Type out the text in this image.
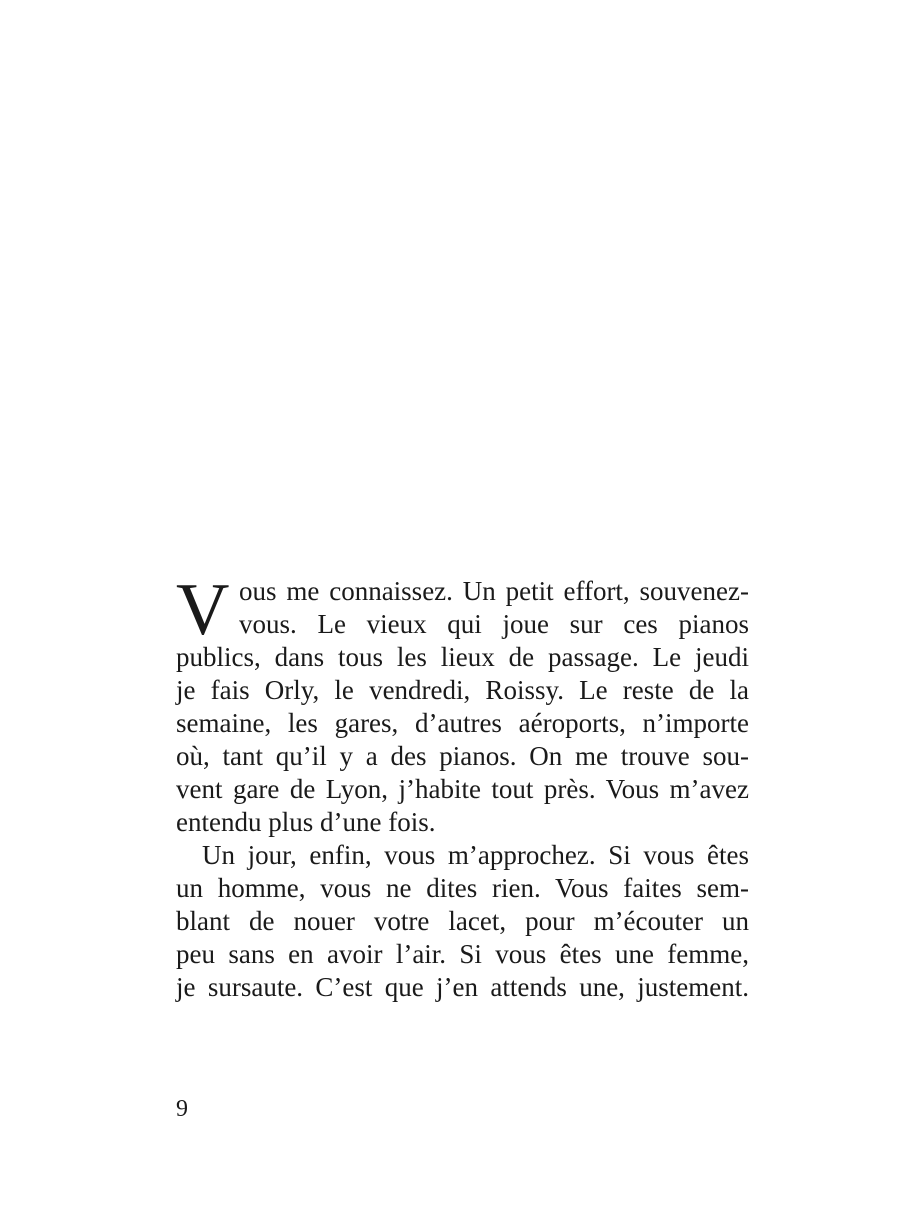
V ous me connaissez. Un petit effort, souvenez-
vous. Le vieux qui joue sur ces pianos
publics, dans tous les lieux de passage. Le jeudi
je fais Orly, le vendredi, Roissy. Le reste de la
semaine, les gares, d’autres aéroports, n’importe
où, tant qu’il y a des pianos. On me trouve sou-
vent gare de Lyon, j’habite tout près. Vous m’avez
entendu plus d’une fois.
Un jour, enfin, vous m’approchez. Si vous êtes
un homme, vous ne dites rien. Vous faites sem-
blant de nouer votre lacet, pour m’écouter un
peu sans en avoir l’air. Si vous êtes une femme,
je sursaute. C’est que j’en attends une, justement.
9
